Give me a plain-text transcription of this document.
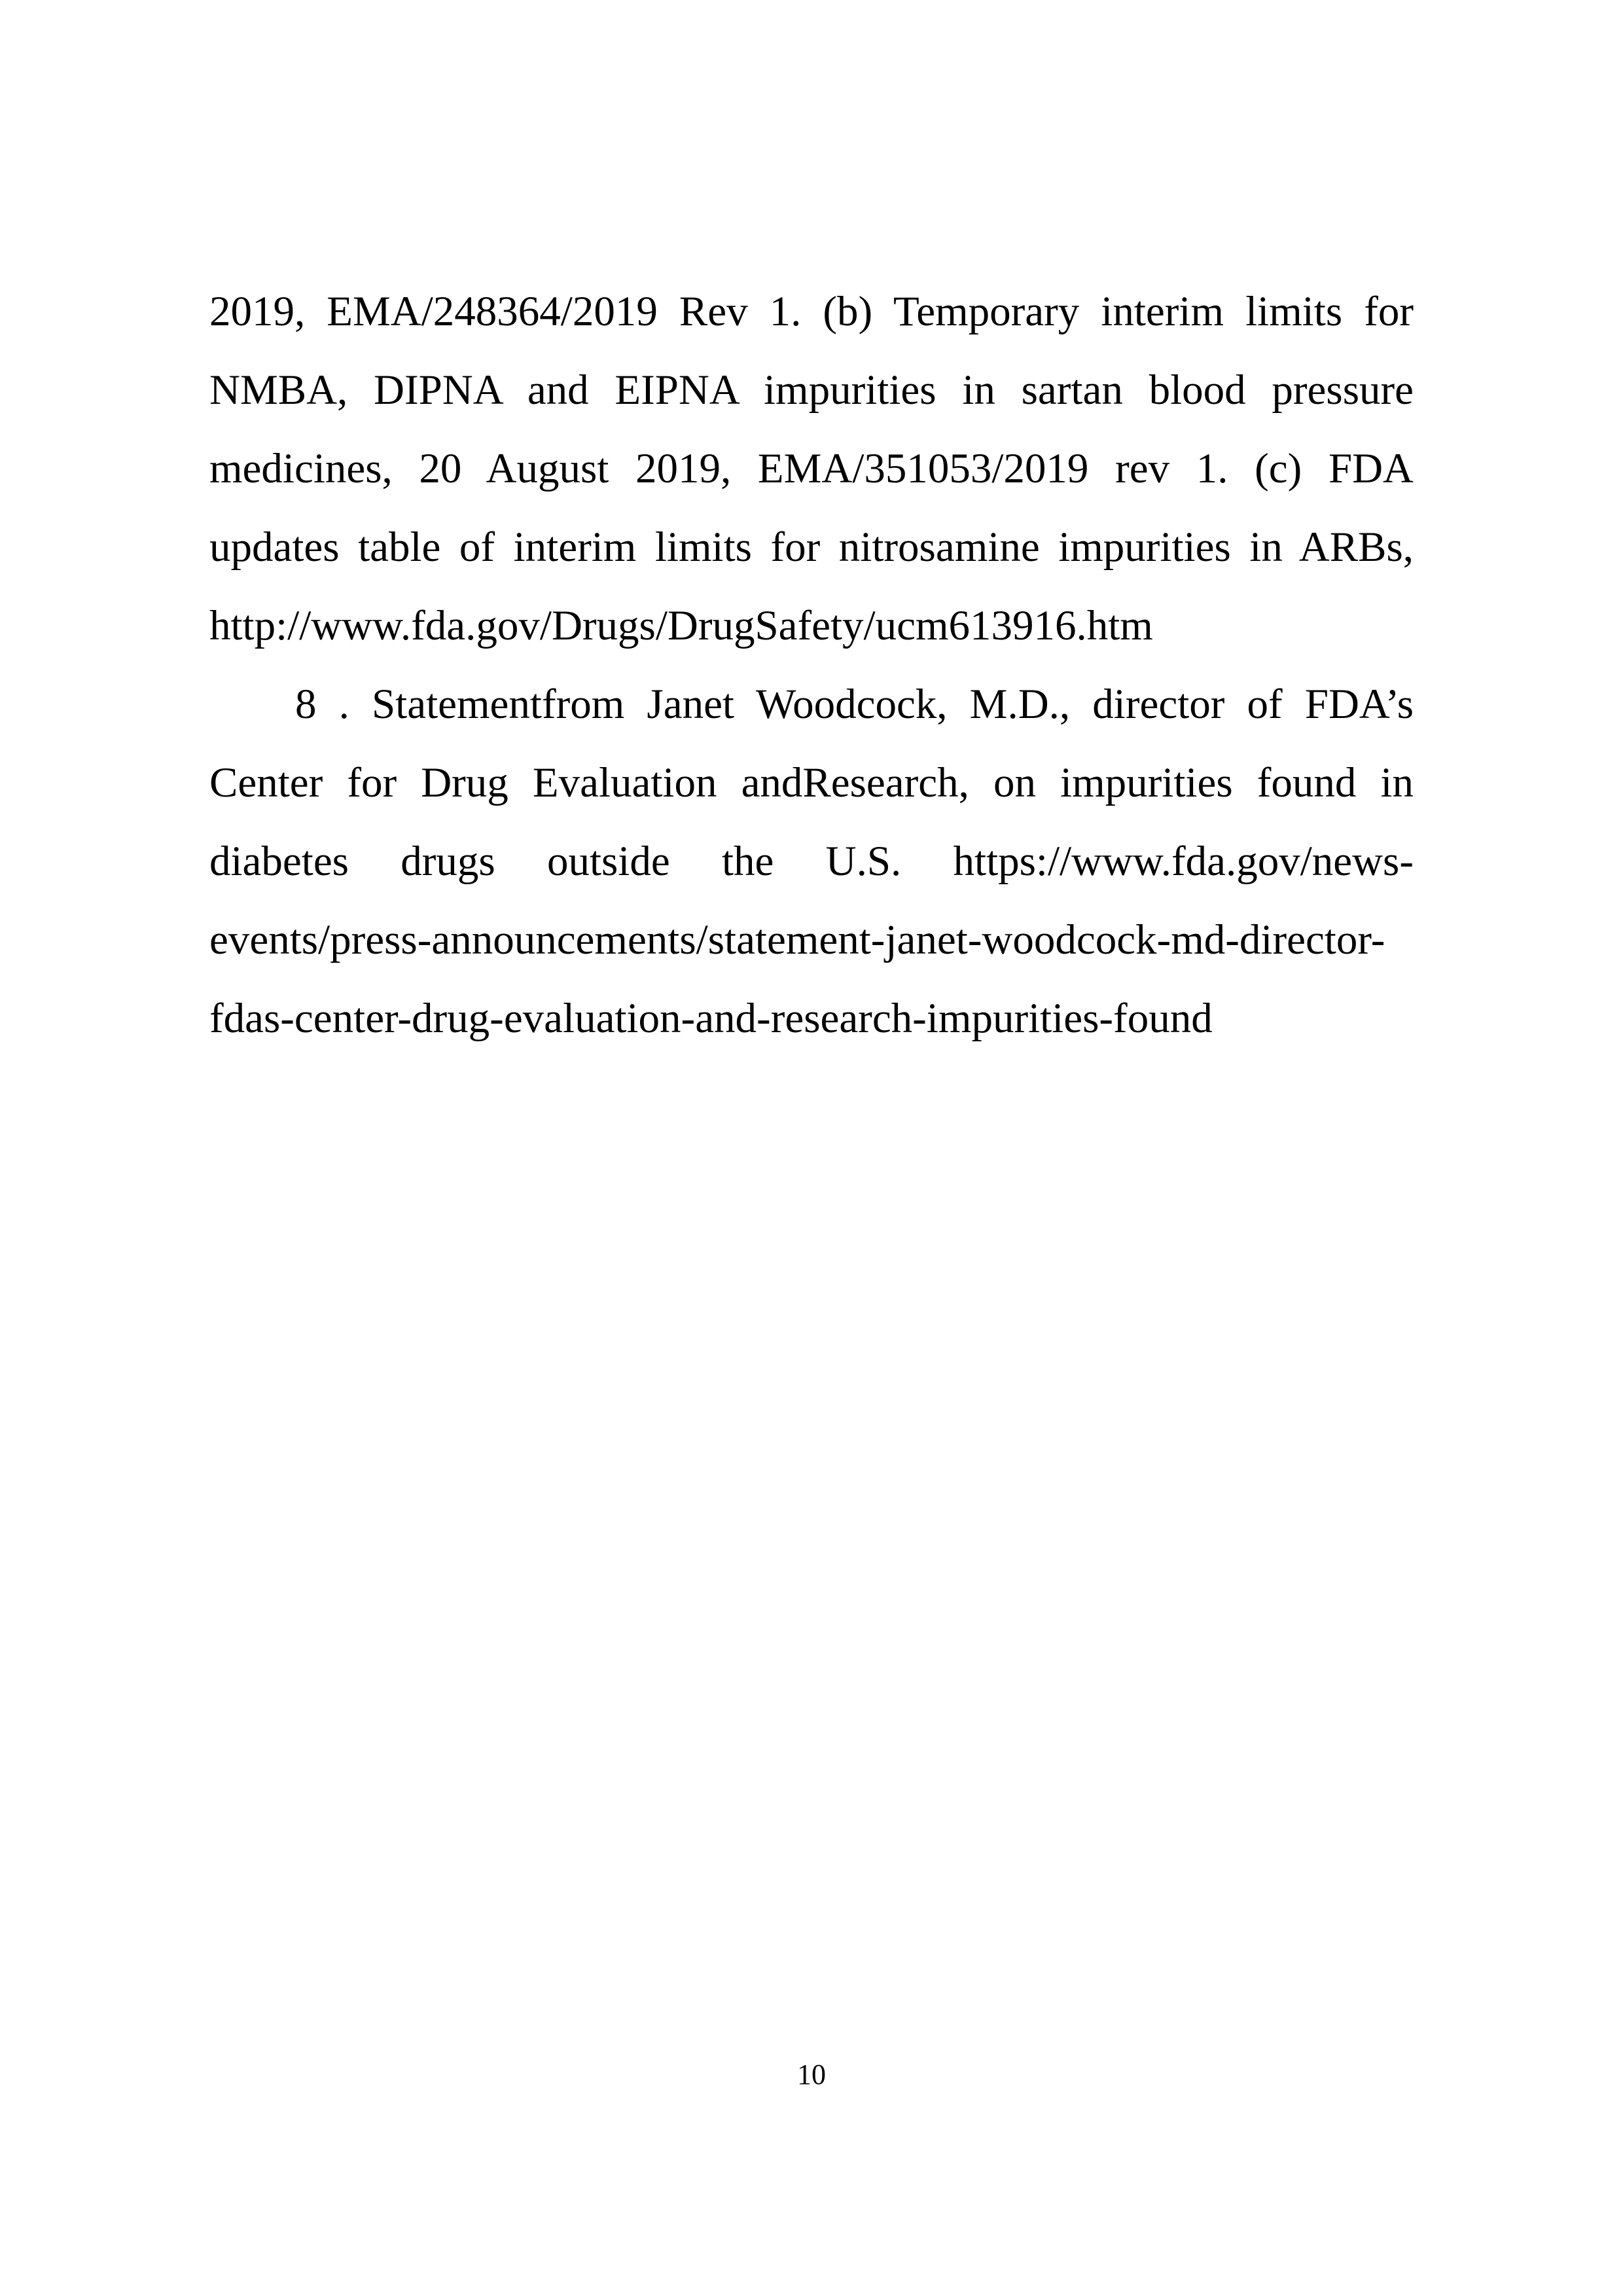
2019, EMA/248364/2019 Rev 1. (b) Temporary interim limits for
NMBA, DIPNA and EIPNA impurities in sartan blood pressure
medicines, 20 August 2019, EMA/351053/2019 rev 1. (c) FDA
updates table of interim limits for nitrosamine impurities in ARBs,
http://www.fda.gov/Drugs/DrugSafety/ucm613916.htm
8 . Statementfrom Janet Woodcock, M.D., director of FDA’s
Center for Drug Evaluation andResearch, on impurities found in
diabetes drugs outside the U.S. https://www.fda.gov/news-
events/press-announcements/statement-janet-woodcock-md-director-
fdas-center-drug-evaluation-and-research-impurities-found
10
